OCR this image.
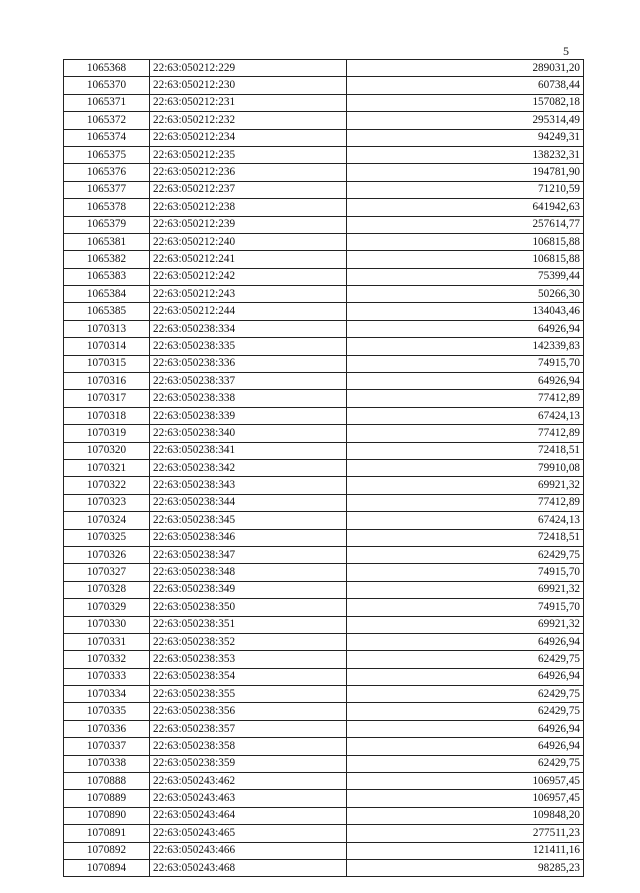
5
1065368	22:63:050212:229	289031,20
1065370	22:63:050212:230	60738,44
1065371	22:63:050212:231	157082,18
1065372	22:63:050212:232	295314,49
1065374	22:63:050212:234	94249,31
1065375	22:63:050212:235	138232,31
1065376	22:63:050212:236	194781,90
1065377	22:63:050212:237	71210,59
1065378	22:63:050212:238	641942,63
1065379	22:63:050212:239	257614,77
1065381	22:63:050212:240	106815,88
1065382	22:63:050212:241	106815,88
1065383	22:63:050212:242	75399,44
1065384	22:63:050212:243	50266,30
1065385	22:63:050212:244	134043,46
1070313	22:63:050238:334	64926,94
1070314	22:63:050238:335	142339,83
1070315	22:63:050238:336	74915,70
1070316	22:63:050238:337	64926,94
1070317	22:63:050238:338	77412,89
1070318	22:63:050238:339	67424,13
1070319	22:63:050238:340	77412,89
1070320	22:63:050238:341	72418,51
1070321	22:63:050238:342	79910,08
1070322	22:63:050238:343	69921,32
1070323	22:63:050238:344	77412,89
1070324	22:63:050238:345	67424,13
1070325	22:63:050238:346	72418,51
1070326	22:63:050238:347	62429,75
1070327	22:63:050238:348	74915,70
1070328	22:63:050238:349	69921,32
1070329	22:63:050238:350	74915,70
1070330	22:63:050238:351	69921,32
1070331	22:63:050238:352	64926,94
1070332	22:63:050238:353	62429,75
1070333	22:63:050238:354	64926,94
1070334	22:63:050238:355	62429,75
1070335	22:63:050238:356	62429,75
1070336	22:63:050238:357	64926,94
1070337	22:63:050238:358	64926,94
1070338	22:63:050238:359	62429,75
1070888	22:63:050243:462	106957,45
1070889	22:63:050243:463	106957,45
1070890	22:63:050243:464	109848,20
1070891	22:63:050243:465	277511,23
1070892	22:63:050243:466	121411,16
1070894	22:63:050243:468	98285,23
